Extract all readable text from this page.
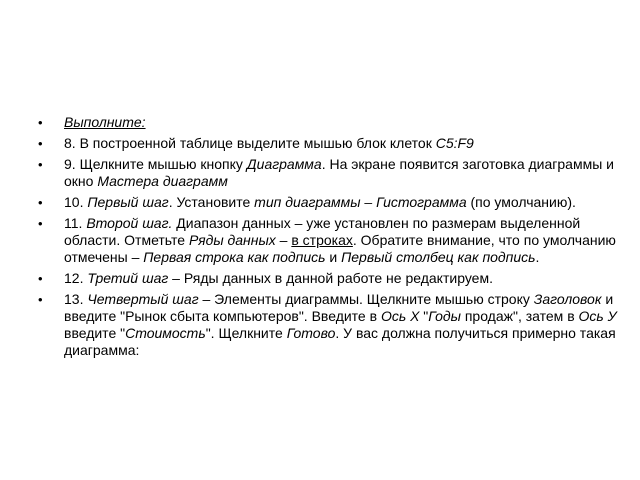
• Выполните:
• 8. В построенной таблице выделите мышью блок клеток C5:F9
• 9. Щелкните мышью кнопку Диаграмма. На экране появится заготовка диаграммы и окно Мастера диаграмм
• 10. Первый шаг. Установите тип диаграммы – Гистограмма (по умолчанию).
• 11. Второй шаг. Диапазон данных – уже установлен по размерам выделенной области. Отметьте Ряды данных – в строках. Обратите внимание, что по умолчанию отмечены – Первая строка как подпись и Первый столбец как подпись.
• 12. Третий шаг – Ряды данных в данной работе не редактируем.
• 13. Четвертый шаг – Элементы диаграммы. Щелкните мышью строку Заголовок и введите "Рынок сбыта компьютеров". Введите в Ось Х "Годы продаж", затем в Ось У введите "Стоимость". Щелкните Готово. У вас должна получиться примерно такая диаграмма:
